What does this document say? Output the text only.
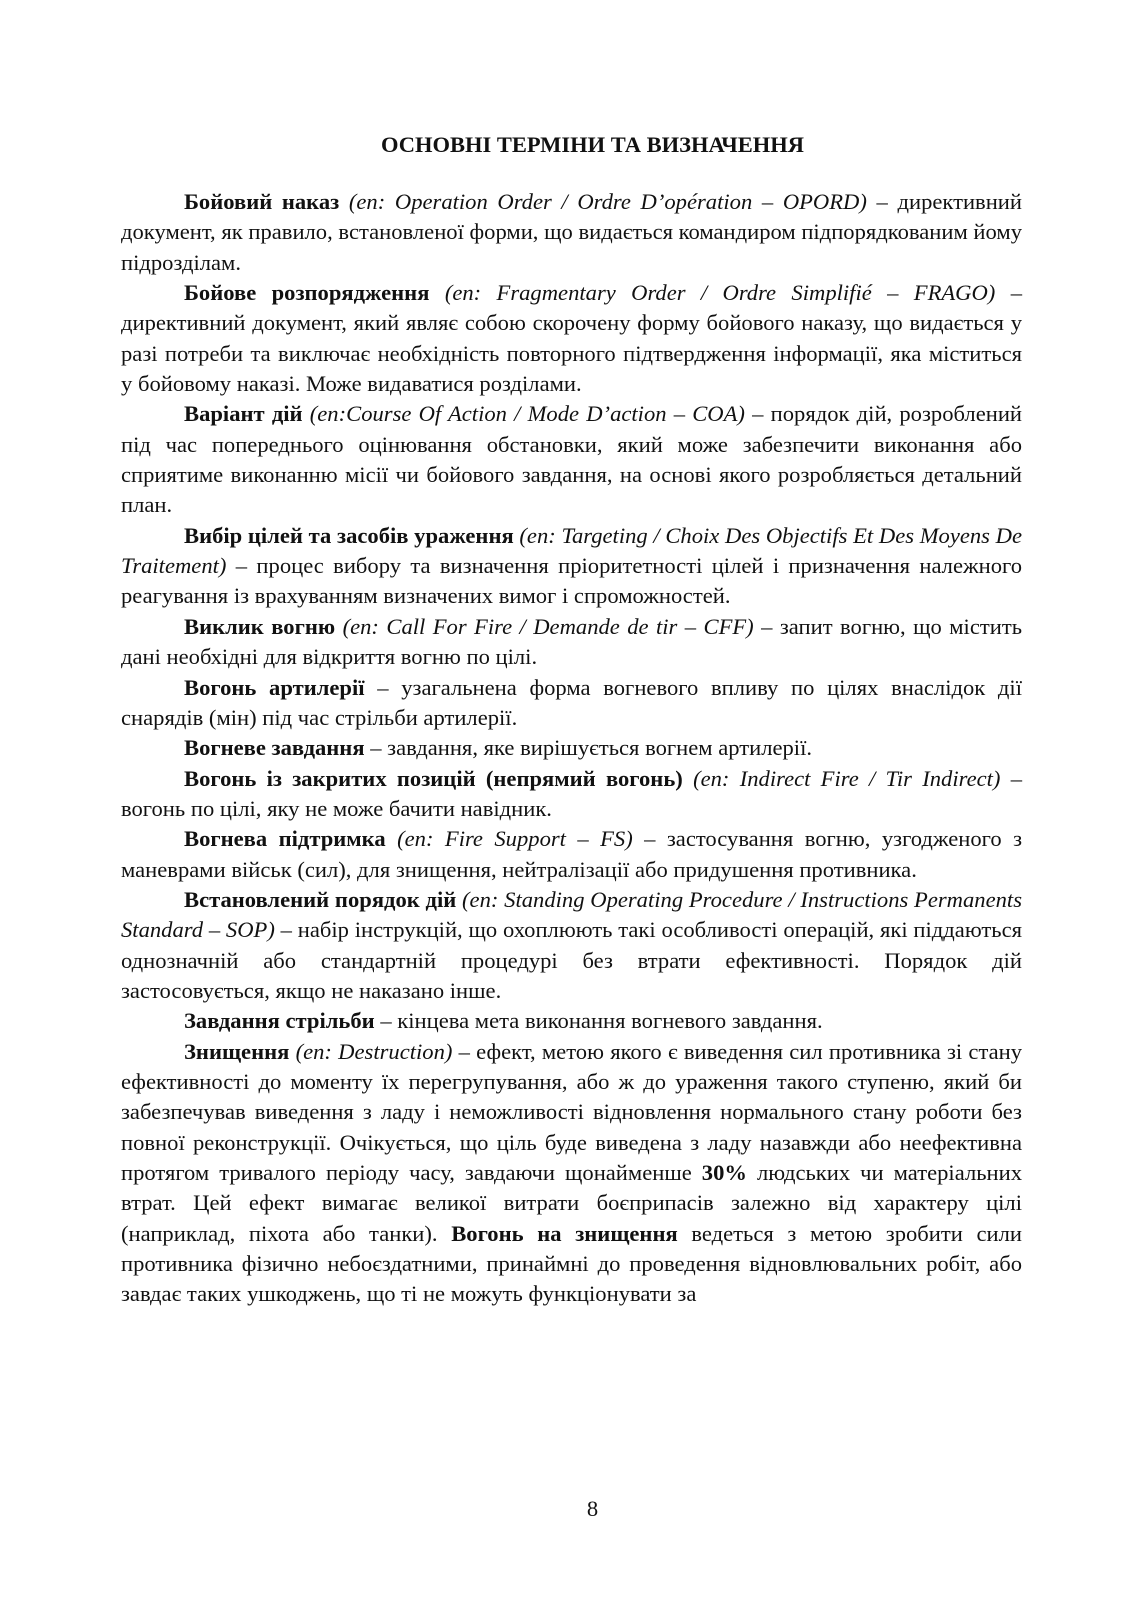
ОСНОВНІ ТЕРМІНИ ТА ВИЗНАЧЕННЯ

Бойовий наказ (en: Operation Order / Ordre D’opération – OPORD) – директивний документ, як правило, встановленої форми, що видається командиром підпорядкованим йому підрозділам.

Бойове розпорядження (en: Fragmentary Order / Ordre Simplifié – FRAGO) – директивний документ, який являє собою скорочену форму бойового наказу, що видається у разі потреби та виключає необхідність повторного підтвердження інформації, яка міститься у бойовому наказі. Може видаватися розділами.

Варіант дій (en:Course Of Action / Mode D’action – COA) – порядок дій, розроблений під час попереднього оцінювання обстановки, який може забезпечити виконання або сприятиме виконанню місії чи бойового завдання, на основі якого розробляється детальний план.

Вибір цілей та засобів ураження (en: Targeting / Choix Des Objectifs Et Des Moyens De Traitement) – процес вибору та визначення пріоритетності цілей і призначення належного реагування із врахуванням визначених вимог і спроможностей.

Виклик вогню (en: Call For Fire / Demande de tir – CFF) – запит вогню, що містить дані необхідні для відкриття вогню по цілі.

Вогонь артилерії – узагальнена форма вогневого впливу по цілях внаслідок дії снарядів (мін) під час стрільби артилерії.

Вогневе завдання – завдання, яке вирішується вогнем артилерії.

Вогонь із закритих позицій (непрямий вогонь) (en: Indirect Fire / Tir Indirect) – вогонь по цілі, яку не може бачити навідник.

Вогнева підтримка (en: Fire Support – FS) – застосування вогню, узгодженого з маневрами військ (сил), для знищення, нейтралізації або придушення противника.

Встановлений порядок дій (en: Standing Operating Procedure / Instructions Permanents Standard – SOP) – набір інструкцій, що охоплюють такі особливості операцій, які піддаються однозначній або стандартній процедурі без втрати ефективності. Порядок дій застосовується, якщо не наказано інше.

Завдання стрільби – кінцева мета виконання вогневого завдання.

Знищення (en: Destruction) – ефект, метою якого є виведення сил противника зі стану ефективності до моменту їх перегрупування, або ж до ураження такого ступеню, який би забезпечував виведення з ладу і неможливості відновлення нормального стану роботи без повної реконструкції. Очікується, що ціль буде виведена з ладу назавжди або неефективна протягом тривалого періоду часу, завдаючи щонайменше 30% людських чи матеріальних втрат. Цей ефект вимагає великої витрати боєприпасів залежно від характеру цілі (наприклад, піхота або танки). Вогонь на знищення ведеться з метою зробити сили противника фізично небоєздатними, принаймні до проведення відновлювальних робіт, або завдає таких ушкоджень, що ті не можуть функціонувати за

8
